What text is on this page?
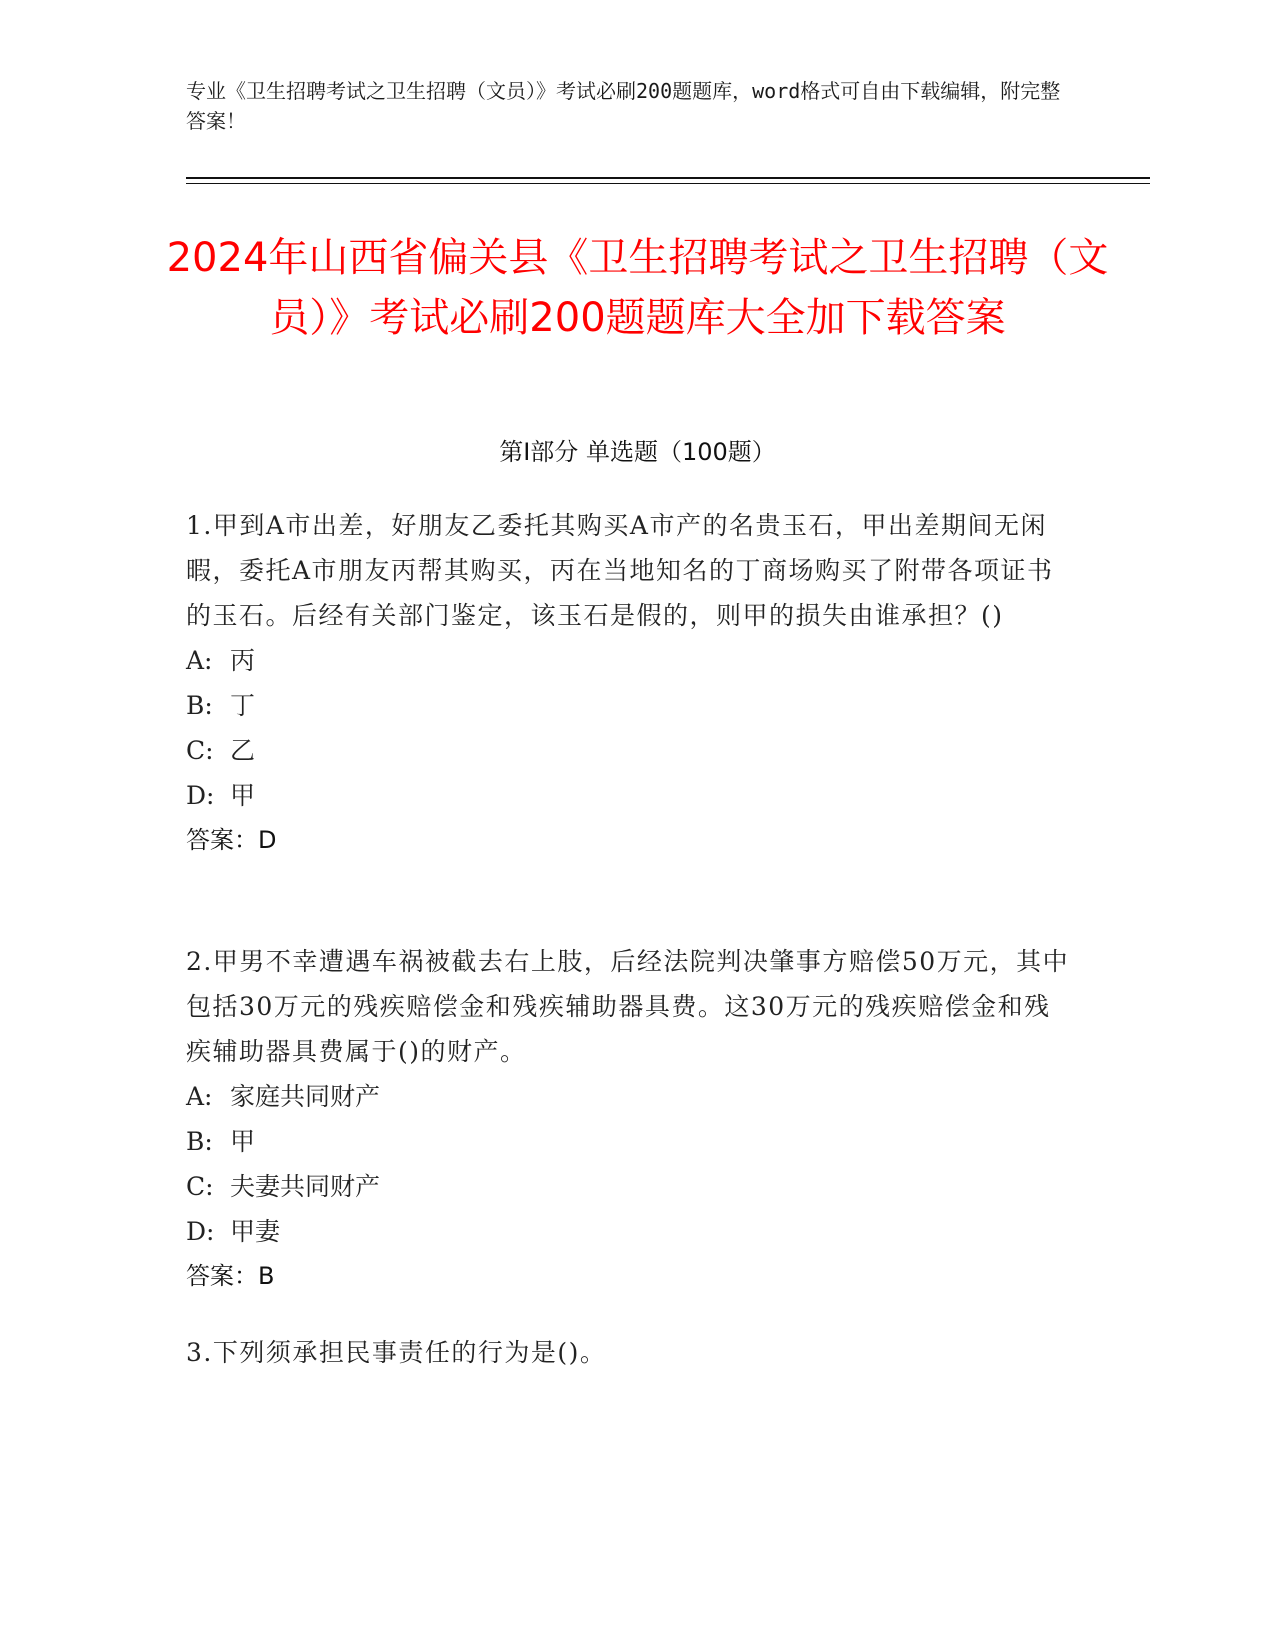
专业《卫生招聘考试之卫生招聘（文员）》考试必刷200题题库，word格式可自由下载编辑，附完整答案！
2024年山西省偏关县《卫生招聘考试之卫生招聘（文员）》考试必刷200题题库大全加下载答案
第I部分 单选题（100题）
1.甲到A市出差，好朋友乙委托其购买A市产的名贵玉石，甲出差期间无闲暇，委托A市朋友丙帮其购买，丙在当地知名的丁商场购买了附带各项证书的玉石。后经有关部门鉴定，该玉石是假的，则甲的损失由谁承担？()
A: 丙
B: 丁
C: 乙
D: 甲
答案：D
2.甲男不幸遭遇车祸被截去右上肢，后经法院判决肇事方赔偿50万元，其中包括30万元的残疾赔偿金和残疾辅助器具费。这30万元的残疾赔偿金和残疾辅助器具费属于()的财产。
A: 家庭共同财产
B: 甲
C: 夫妻共同财产
D: 甲妻
答案：B
3.下列须承担民事责任的行为是()。
